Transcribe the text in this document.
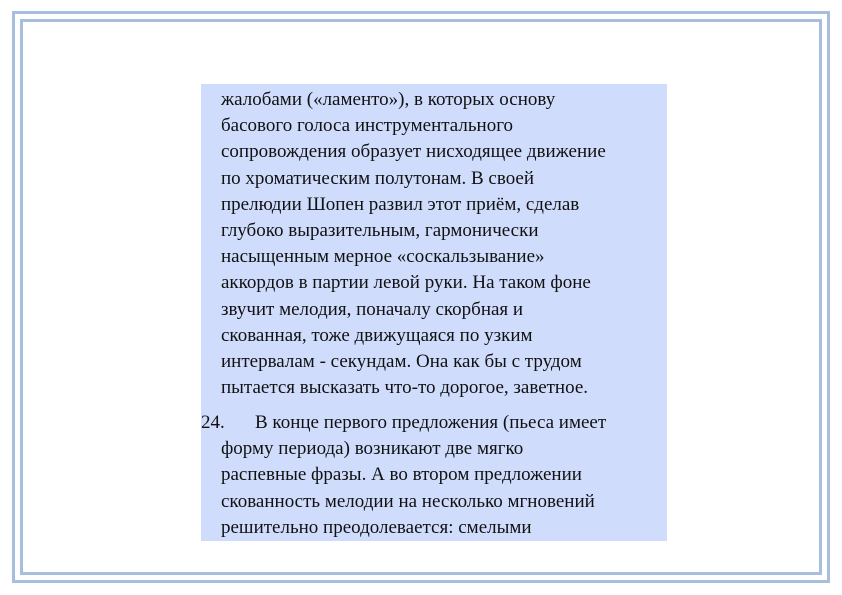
жалобами («ламенто»), в которых основу
басового голоса инструментального
сопровождения образует нисходящее движение
по хроматическим полутонам. В своей
прелюдии Шопен развил этот приём, сделав
глубоко выразительным, гармонически
насыщенным мерное «соскальзывание»
аккордов в партии левой руки. На таком фоне
звучит мелодия, поначалу скорбная и
скованная, тоже движущаяся по узким
интервалам - секундам. Она как бы с трудом
пытается высказать что-то дорогое, заветное.
24.	В конце первого предложения (пьеса имеет
форму периода) возникают две мягко
распевные фразы. А во втором предложении
скованность мелодии на несколько мгновений
решительно преодолевается: смелыми
